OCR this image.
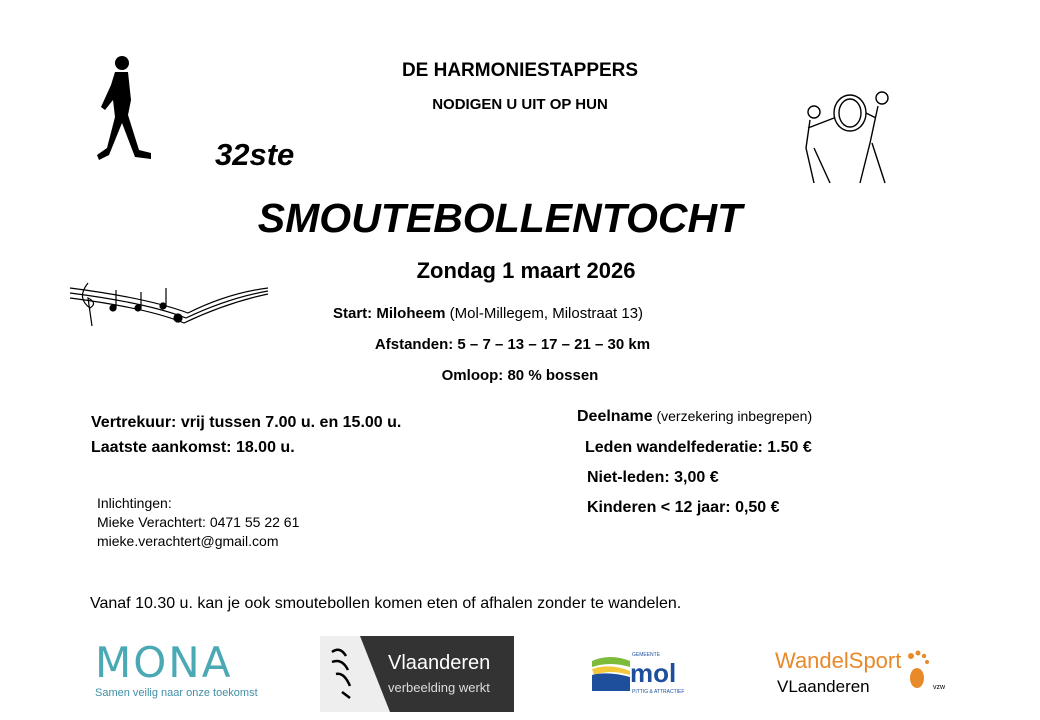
DE HARMONIESTAPPERS
NODIGEN U UIT OP HUN
32ste
SMOUTEBOLLENTOCHT
Zondag 1 maart 2026
Start: Miloheem (Mol-Millegem, Milostraat 13)
Afstanden: 5 – 7 – 13 – 17 – 21 – 30 km
Omloop: 80 % bossen
Vertrekuur: vrij tussen 7.00 u. en 15.00 u.
Laatste aankomst: 18.00 u.
Inlichtingen:
Mieke Verachtert: 0471 55 22 61
mieke.verachtert@gmail.com
Deelname (verzekering inbegrepen)
Leden wandelfederatie: 1.50 €
Niet-leden: 3,00 €
Kinderen < 12 jaar: 0,50 €
Vanaf 10.30 u. kan je ook smoutebollen komen eten of afhalen zonder te wandelen.
MONA
Samen veilig naar onze toekomst
Vlaanderen
verbeelding werkt
GEMEENTE
mol
PITTIG & ATTRACTIEF
WandelSport
VLaanderen	vzw
